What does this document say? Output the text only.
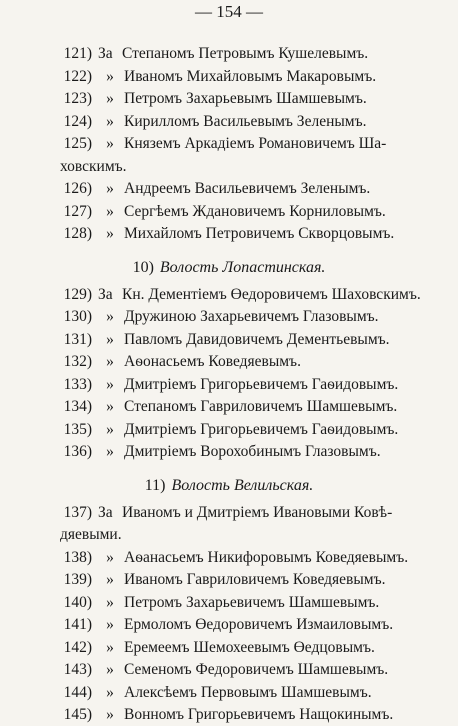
— 154 —
121) За Степаномъ Петровымъ Кушелевымъ.
122) » Иваномъ Михайловымъ Макаровымъ.
123) » Петромъ Захарьевымъ Шамшевымъ.
124) » Кирилломъ Васильевымъ Зеленымъ.
125) » Княземъ Аркадіемъ Романовичемъ Ша-
ховскимъ.
126) » Андреемъ Васильевичемъ Зеленымъ.
127) » Сергѣемъ Ждановичемъ Корниловымъ.
128) » Михайломъ Петровичемъ Скворцовымъ.
10) Волость Лопастинская.
129) За Кн. Дементіемъ Өедоровичемъ Шаховскимъ.
130) » Дружиною Захарьевичемъ Глазовымъ.
131) » Павломъ Давидовичемъ Дементьевымъ.
132) » Аѳонасьемъ Коведяевымъ.
133) » Дмитріемъ Григорьевичемъ Гаѳидовымъ.
134) » Степаномъ Гавриловичемъ Шамшевымъ.
135) » Дмитріемъ Григорьевичемъ Гаѳидовымъ.
136) » Дмитріемъ Ворохобинымъ Глазовымъ.
11) Волость Велильская.
137) За Иваномъ и Дмитріемъ Ивановыми Ковѣ-
дяевыми.
138) » Аѳанасьемъ Никифоровымъ Коведяевымъ.
139) » Иваномъ Гавриловичемъ Коведяевымъ.
140) » Петромъ Захарьевичемъ Шамшевымъ.
141) » Ермоломъ Өедоровичемъ Измаиловымъ.
142) » Еремеемъ Шемохеевымъ Өедцовымъ.
143) » Семеномъ Федоровичемъ Шамшевымъ.
144) » Алексѣемъ Первовымъ Шамшевымъ.
145) » Вонномъ Григорьевичемъ Нащокинымъ.
